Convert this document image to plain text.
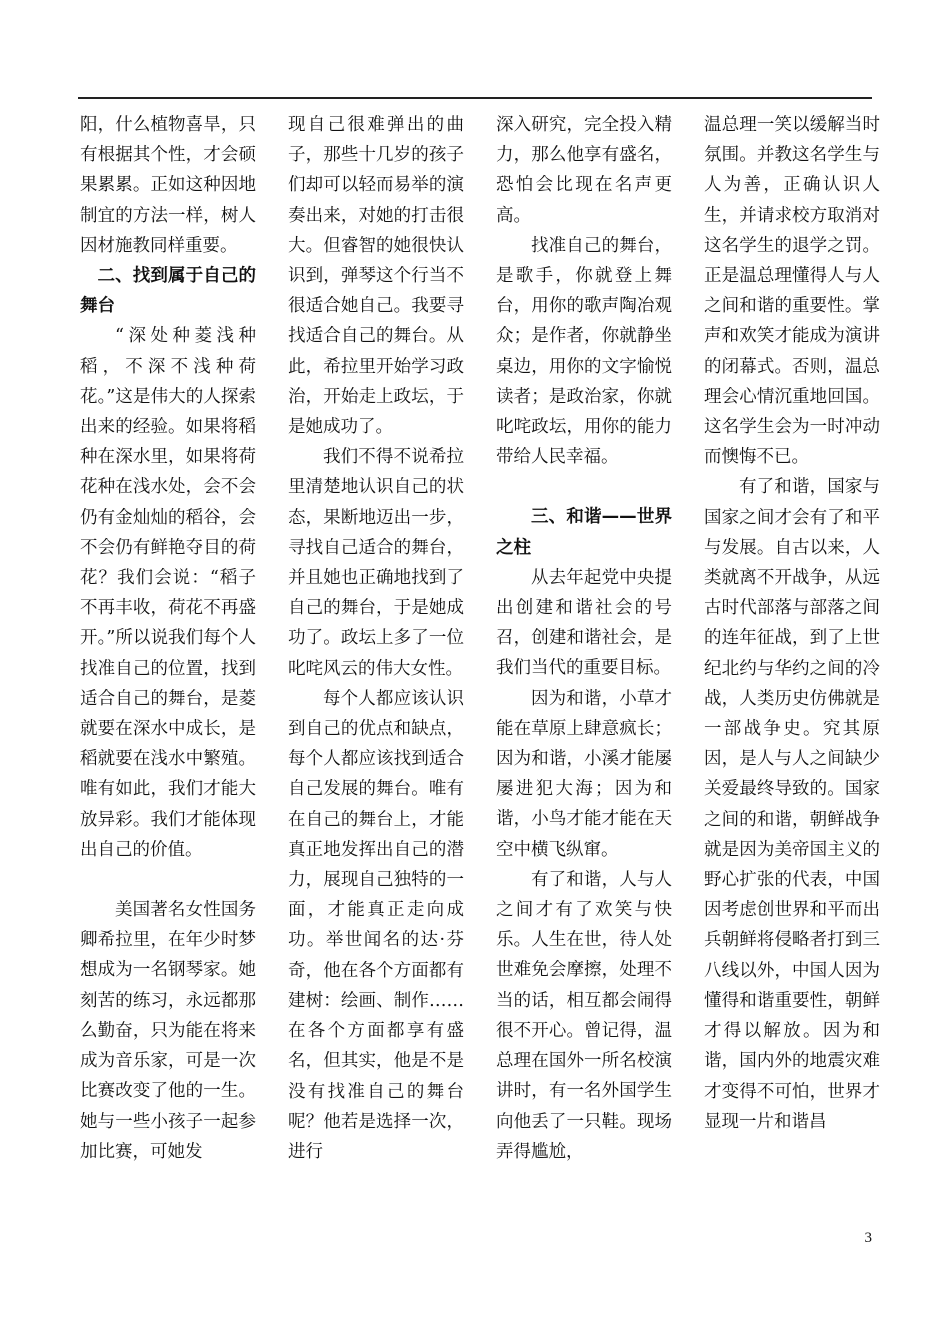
阳，什么植物喜旱，只有根据其个性，才会硕果累累。正如这种因地制宜的方法一样，树人因材施教同样重要。

二、找到属于自己的舞台

“深处种菱浅种稻，不深不浅种荷花。”这是伟大的人探索出来的经验。如果将稻种在深水里，如果将荷花种在浅水处，会不会仍有金灿灿的稻谷，会不会仍有鲜艳夺目的荷花？我们会说：“稻子不再丰收，荷花不再盛开。”所以说我们每个人找准自己的位置，找到适合自己的舞台，是菱就要在深水中成长，是稻就要在浅水中繁殖。唯有如此，我们才能大放异彩。我们才能体现出自己的价值。

美国著名女性国务卿希拉里，在年少时梦想成为一名钢琴家。她刻苦的练习，永远都那么勤奋，只为能在将来成为音乐家，可是一次比赛改变了他的一生。她与一些小孩子一起参加比赛，可她发

现自己很难弹出的曲子，那些十几岁的孩子们却可以轻而易举的演奏出来，对她的打击很大。但睿智的她很快认识到，弹琴这个行当不很适合她自己。我要寻找适合自己的舞台。从此，希拉里开始学习政治，开始走上政坛，于是她成功了。

我们不得不说希拉里清楚地认识自己的状态，果断地迈出一步，寻找自己适合的舞台，并且她也正确地找到了自己的舞台，于是她成功了。政坛上多了一位叱咤风云的伟大女性。

每个人都应该认识到自己的优点和缺点，每个人都应该找到适合自己发展的舞台。唯有在自己的舞台上，才能真正地发挥出自己的潜力，展现自己独特的一面，才能真正走向成功。举世闻名的达·芬奇，他在各个方面都有建树：绘画、制作……在各个方面都享有盛名，但其实，他是不是没有找准自己的舞台呢？他若是选择一次，进行

深入研究，完全投入精力，那么他享有盛名，恐怕会比现在名声更高。

找准自己的舞台，是歌手，你就登上舞台，用你的歌声陶冶观众；是作者，你就静坐桌边，用你的文字愉悦读者；是政治家，你就叱咤政坛，用你的能力带给人民幸福。

三、和谐——世界之柱

从去年起党中央提出创建和谐社会的号召，创建和谐社会，是我们当代的重要目标。

因为和谐，小草才能在草原上肆意疯长；因为和谐，小溪才能屡屡进犯大海；因为和谐，小鸟才能才能在天空中横飞纵窜。

有了和谐，人与人之间才有了欢笑与快乐。人生在世，待人处世难免会摩擦，处理不当的话，相互都会闹得很不开心。曾记得，温总理在国外一所名校演讲时，有一名外国学生向他丢了一只鞋。现场弄得尴尬，

温总理一笑以缓解当时氛围。并教这名学生与人为善，正确认识人生，并请求校方取消对这名学生的退学之罚。正是温总理懂得人与人之间和谐的重要性。掌声和欢笑才能成为演讲的闭幕式。否则，温总理会心情沉重地回国。这名学生会为一时冲动而懊悔不已。

有了和谐，国家与国家之间才会有了和平与发展。自古以来，人类就离不开战争，从远古时代部落与部落之间的连年征战，到了上世纪北约与华约之间的冷战，人类历史仿佛就是一部战争史。究其原因，是人与人之间缺少关爱最终导致的。国家之间的和谐，朝鲜战争就是因为美帝国主义的野心扩张的代表，中国因考虑创世界和平而出兵朝鲜将侵略者打到三八线以外，中国人因为懂得和谐重要性，朝鲜才得以解放。因为和谐，国内外的地震灾难才变得不可怕，世界才显现一片和谐昌

3
